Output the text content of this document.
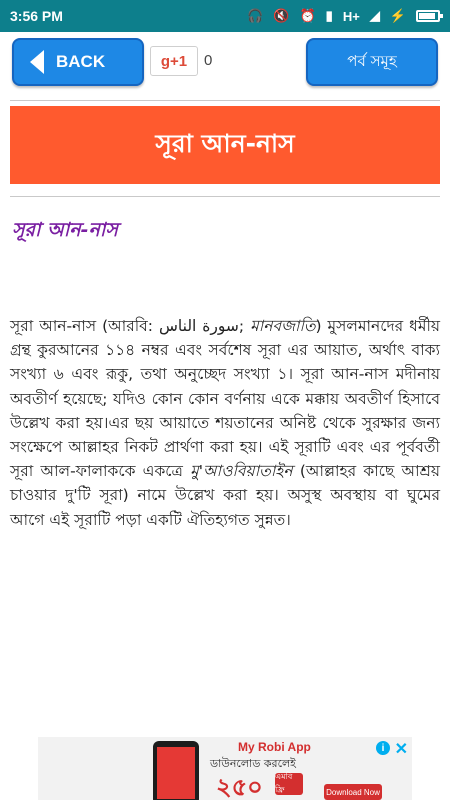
3:56 PM	🎧 🔇 ⏰ ▮ H+ ◢ ⚡
BACK	g +1 0	পর্ব সমূহ
সূরা আন-নাস
সূরা আন-নাস
সূরা আন-নাস (আরবি: سورة الناس; মানবজাতি) মুসলমানদের ধর্মীয় গ্রন্থ কুরআনের ১১৪ নম্বর এবং সর্বশেষ সূরা এর আয়াত, অর্থাৎ বাক্য সংখ্যা ৬ এবং রূকু, তথা অনুচ্ছেদ সংখ্যা ১। সূরা আন-নাস মদীনায় অবতীর্ণ হয়েছে; যদিও কোন কোন বর্ণনায় একে মক্কায় অবতীর্ণ হিসাবে উল্লেখ করা হয়।এর ছয় আয়াতে শয়তানের অনিষ্ট থেকে সুরক্ষার জন্য সংক্ষেপে আল্লাহর নিকট প্রার্থণা করা হয়। এই সূরাটি এবং এর পূর্ববর্তী সূরা আল-ফালাককে একত্রে মু'আওবিয়াতাইন (আল্লাহর কাছে আশ্রয় চাওয়ার দু'টি সূরা) নামে উল্লেখ করা হয়। অসুস্থ অবস্থায় বা ঘুমের আগে এই সূরাটি পড়া একটি ঐতিহ্যগত সুন্নত।
My Robi App
ডাউনলোড করলেই
২৫০ এমবি ফ্রি	Download Now
i ✕
